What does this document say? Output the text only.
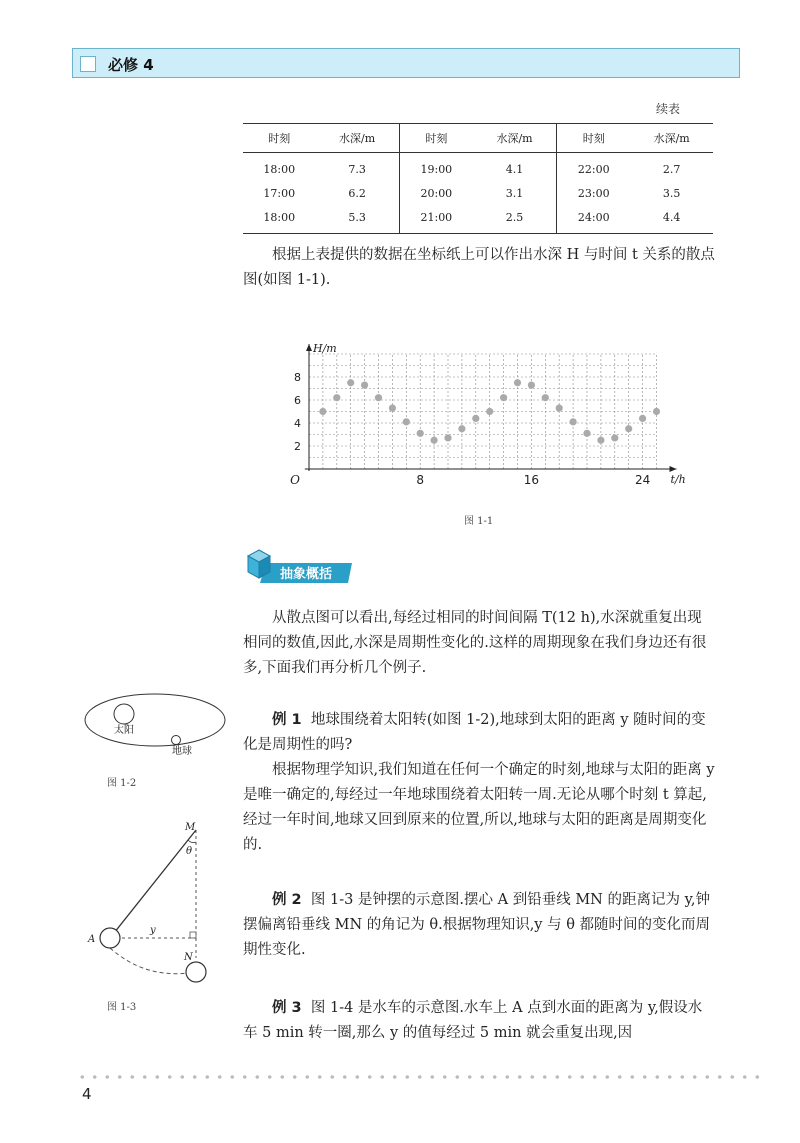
必修 4
续表
时刻	水深/m	时刻	水深/m	时刻	水深/m
18:00	7.3	19:00	4.1	22:00	2.7
17:00	6.2	20:00	3.1	23:00	3.5
18:00	5.3	21:00	2.5	24:00	4.4
根据上表提供的数据在坐标纸上可以作出水深 H 与时间 t 关系的散点图(如图 1-1).
8	16	24
2
4
6
8
O
H/m
t/h
图 1-1
抽象概括
从散点图可以看出,每经过相同的时间间隔 T(12 h),水深就重复出现相同的数值,因此,水深是周期性变化的.这样的周期现象在我们身边还有很多,下面我们再分析几个例子.
例 1 地球围绕着太阳转(如图 1-2),地球到太阳的距离 y 随时间的变化是周期性的吗?
根据物理学知识,我们知道在任何一个确定的时刻,地球与太阳的距离 y 是唯一确定的,每经过一年地球围绕着太阳转一周.无论从哪个时刻 t 算起,经过一年时间,地球又回到原来的位置,所以,地球与太阳的距离是周期变化的.
太阳
地球
图 1-2
例 2 图 1-3 是钟摆的示意图.摆心 A 到铅垂线 MN 的距离记为 y,钟摆偏离铅垂线 MN 的角记为 θ.根据物理知识,y 与 θ 都随时间的变化而周期性变化.
M
θ
A
y
N
图 1-3	例 3 图 1-4 是水车的示意图.水车上 A 点到水面的距离为 y,假设水车 5 min 转一圈,那么 y 的值每经过 5 min 就会重复出现,因
4
